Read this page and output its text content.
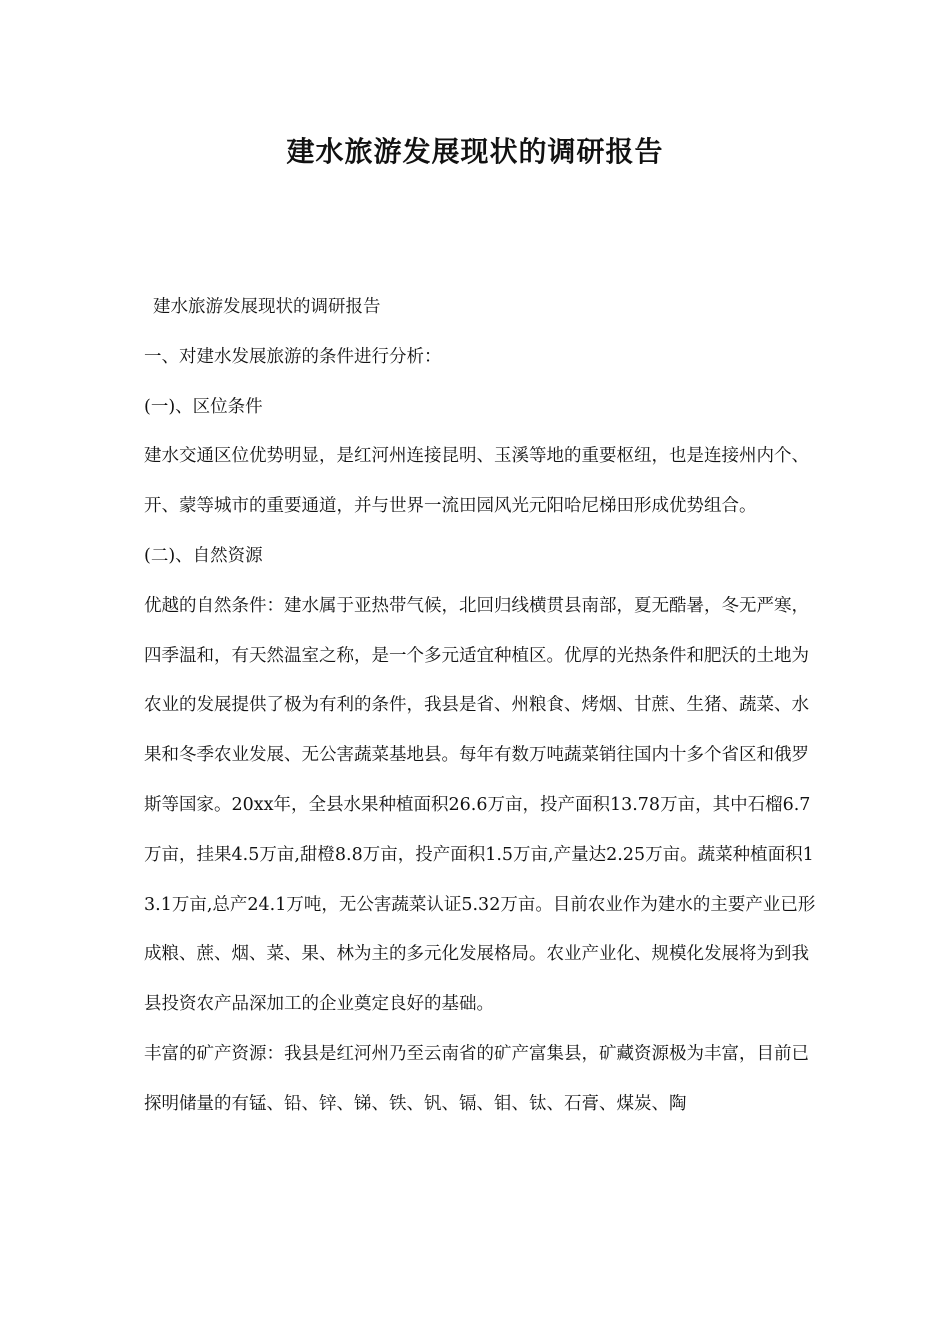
建水旅游发展现状的调研报告

建水旅游发展现状的调研报告

一、对建水发展旅游的条件进行分析：

(一)、区位条件

建水交通区位优势明显，是红河州连接昆明、玉溪等地的重要枢纽，也是连接州内个、开、蒙等城市的重要通道，并与世界一流田园风光元阳哈尼梯田形成优势组合。

(二)、自然资源

优越的自然条件：建水属于亚热带气候，北回归线横贯县南部，夏无酷暑，冬无严寒，四季温和，有天然温室之称，是一个多元适宜种植区。优厚的光热条件和肥沃的土地为农业的发展提供了极为有利的条件，我县是省、州粮食、烤烟、甘蔗、生猪、蔬菜、水果和冬季农业发展、无公害蔬菜基地县。每年有数万吨蔬菜销往国内十多个省区和俄罗斯等国家。20xx年，全县水果种植面积26.6万亩，投产面积13.78万亩，其中石榴6.7万亩，挂果4.5万亩,甜橙8.8万亩，投产面积1.5万亩,产量达2.25万亩。蔬菜种植面积13.1万亩,总产24.1万吨，无公害蔬菜认证5.32万亩。目前农业作为建水的主要产业已形成粮、蔗、烟、菜、果、林为主的多元化发展格局。农业产业化、规模化发展将为到我县投资农产品深加工的企业奠定良好的基础。

丰富的矿产资源：我县是红河州乃至云南省的矿产富集县，矿藏资源极为丰富，目前已探明储量的有锰、铅、锌、锑、铁、钒、镉、钼、钛、石膏、煤炭、陶
